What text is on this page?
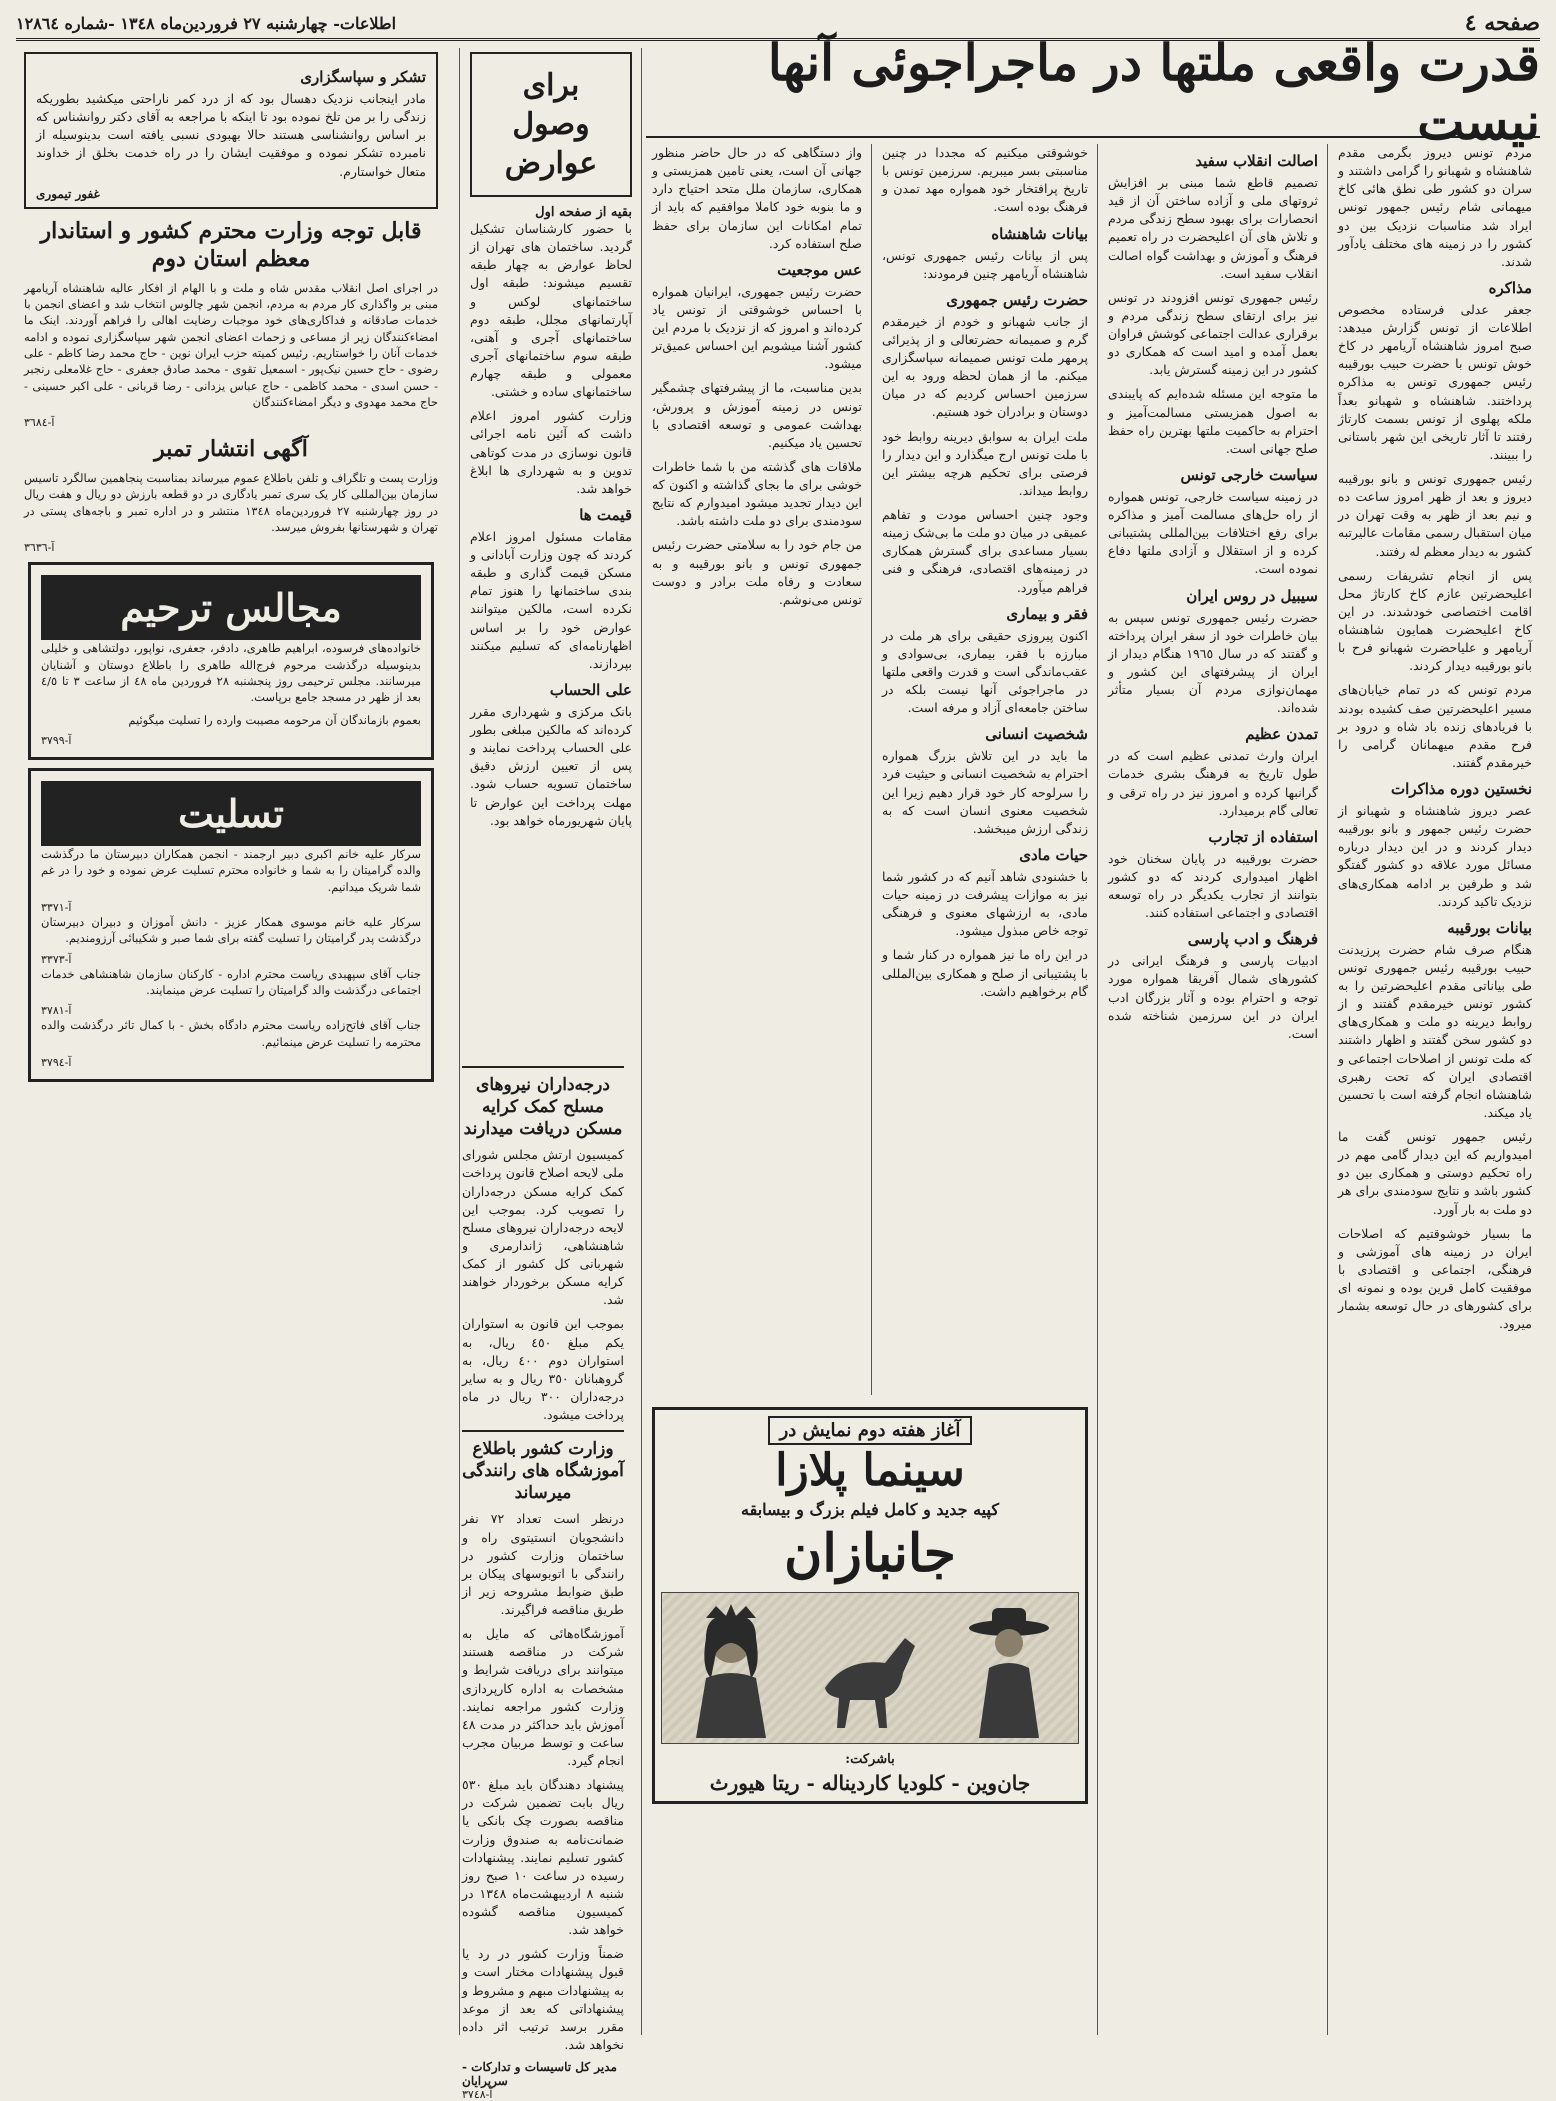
صفحه ٤
اطلاعات- چهارشنبه ٢٧ فروردین‌ماه ١٣٤٨ -شماره ١٢٨٦٤
قدرت واقعی ملتها در ماجراجوئی آنها نیست
مردم تونس دیروز بگرمی مقدم شاهنشاه و شهبانو را گرامی داشتند و سران دو کشور طی نطق هائی کاخ میهمانی شام رئیس جمهور تونس ایراد شد مناسبات نزدیک بین دو کشور را در زمینه های مختلف یادآور شدند.
مذاکره
جعفر عدلی فرستاده مخصوص اطلاعات از تونس گزارش میدهد: صبح امروز شاهنشاه آریامهر در کاخ خوش‌ تونس با حضرت حبیب بورقیبه رئیس جمهوری تونس به مذاکره پرداختند. شاهنشاه و شهبانو بعداً ملکه پهلوی از تونس بسمت کارتاژ رفتند تا آثار تاریخی این شهر باستانی را ببینند.
رئیس جمهوری تونس و بانو بورقیبه دیروز و بعد از ظهر امروز ساعت ده و نیم بعد از ظهر به وقت تهران در میان استقبال رسمی مقامات عالیرتبه کشور به دیدار معظم له رفتند.
پس از انجام تشریفات رسمی اعلیحضرتین عازم کاخ کارتاژ محل اقامت اختصاصی خودشدند. در این کاخ اعلیحضرت همایون شاهنشاه آریامهر و علیاحضرت شهبانو فرح با بانو بورقیبه دیدار کردند.
مردم تونس که در تمام خیابان‌های مسیر اعلیحضرتین صف کشیده بودند با فریادهای زنده باد شاه و درود بر فرح مقدم میهمانان گرامی را خیرمقدم گفتند.
نخستین دوره مذاکرات
عصر دیروز شاهنشاه و شهبانو از حضرت رئیس جمهور و بانو بورقیبه دیدار کردند و در این دیدار درباره مسائل مورد علاقه دو کشور گفتگو شد و طرفین بر ادامه همکاری‌های نزدیک تاکید کردند.
بیانات بورقیبه
هنگام صرف شام حضرت پرزیدنت حبیب بورقیبه رئیس جمهوری تونس طی بیاناتی مقدم اعلیحضرتین را به کشور تونس خیرمقدم گفتند و از روابط دیرینه دو ملت و همکاری‌های دو کشور سخن گفتند و اظهار داشتند که ملت تونس از اصلاحات اجتماعی و اقتصادی ایران که تحت رهبری شاهنشاه انجام گرفته است با تحسین یاد میکند.
رئیس جمهور تونس گفت ما امیدواریم که این دیدار گامی مهم در راه تحکیم دوستی و همکاری بین دو کشور باشد و نتایج سودمندی برای هر دو ملت به بار آورد.
ما بسیار خوشوقتیم که اصلاحات ایران در زمینه های آموزشی و فرهنگی، اجتماعی و اقتصادی با موفقیت کامل قرین بوده و نمونه ای برای کشورهای در حال توسعه بشمار میرود.
اصالت انقلاب سفید
تصمیم قاطع شما مبنی بر افزایش ثروتهای ملی و آزاده ساختن آن از قید انحصارات برای بهبود سطح زندگی مردم و تلاش های آن اعلیحضرت در راه تعمیم فرهنگ و آموزش و بهداشت گواه اصالت انقلاب سفید است.
رئیس جمهوری تونس افزودند در تونس نیز برای ارتقای سطح زندگی مردم و برقراری عدالت اجتماعی کوشش فراوان بعمل آمده و امید است که همکاری دو کشور در این زمینه گسترش یابد.
ما متوجه این مسئله شده‌ایم که پایبندی به اصول همزیستی مسالمت‌آمیز و احترام به حاکمیت ملتها بهترین راه حفظ صلح جهانی است.
سیاست خارجی تونس
در زمینه سیاست خارجی، تونس همواره از راه حل‌های مسالمت آمیز و مذاکره برای رفع اختلافات بین‌المللی پشتیبانی کرده و از استقلال و آزادی ملتها دفاع نموده است.
سیبیل در روس ایران
حضرت رئیس جمهوری تونس سپس به بیان خاطرات خود از سفر ایران پرداخته و گفتند که در سال ١٩٦٥ هنگام دیدار از ایران از پیشرفتهای این کشور و مهمان‌نوازی مردم آن بسیار متأثر شده‌اند.
تمدن عظیم
ایران وارث تمدنی عظیم است که در طول تاریخ به فرهنگ بشری خدمات گرانبها کرده و امروز نیز در راه ترقی و تعالی گام برمیدارد.
استفاده از تجارب
حضرت بورقیبه در پایان سخنان خود اظهار امیدواری کردند که دو کشور بتوانند از تجارب یکدیگر در راه توسعه اقتصادی و اجتماعی استفاده کنند.
فرهنگ و ادب پارسی
ادبیات پارسی و فرهنگ ایرانی در کشورهای شمال آفریقا همواره مورد توجه و احترام بوده و آثار بزرگان ادب ایران در این سرزمین شناخته شده است.
خوشوقتی میکنیم که مجددا در چنین مناسبتی بسر میبریم. سرزمین تونس با تاریخ پرافتخار خود همواره مهد تمدن و فرهنگ بوده است.
بیانات شاهنشاه
پس از بیانات رئیس جمهوری تونس، شاهنشاه آریامهر چنین فرمودند:
حضرت رئیس جمهوری
از جانب شهبانو و خودم از خیرمقدم گرم و صمیمانه حضرتعالی و از پذیرائی پرمهر ملت تونس صمیمانه سپاسگزاری میکنم. ما از همان لحظه ورود به این سرزمین احساس کردیم که در میان دوستان و برادران خود هستیم.
ملت ایران به سوابق دیرینه روابط خود با ملت تونس ارج میگذارد و این دیدار را فرصتی برای تحکیم هرچه بیشتر این روابط میداند.
وجود چنین احساس مودت و تفاهم عمیقی در میان دو ملت ما بی‌شک زمینه بسیار مساعدی برای گسترش همکاری در زمینه‌های اقتصادی، فرهنگی و فنی فراهم میآورد.
فقر و بیماری
اکنون پیروزی حقیقی برای هر ملت در مبارزه با فقر، بیماری، بی‌سوادی و عقب‌ماندگی است و قدرت واقعی ملتها در ماجراجوئی آنها نیست بلکه در ساختن جامعه‌ای آزاد و مرفه است.
شخصیت انسانی
ما باید در این تلاش بزرگ همواره احترام به شخصیت انسانی و حیثیت فرد را سرلوحه کار خود قرار دهیم زیرا این شخصیت معنوی انسان است که به زندگی ارزش میبخشد.
حیات مادی
با خشنودی شاهد آنیم که در کشور شما نیز به موازات پیشرفت در زمینه حیات مادی، به ارزشهای معنوی و فرهنگی توجه خاص مبذول میشود.
در این راه ما نیز همواره در کنار شما و با پشتیبانی از صلح و همکاری بین‌المللی گام برخواهیم داشت.
واز دستگاهی که در حال حاضر منظور جهانی آن است، یعنی تامین همزیستی و همکاری، سازمان ملل متحد احتیاج دارد و ما بنوبه خود کاملا موافقیم که باید از تمام امکانات این سازمان برای حفظ صلح استفاده کرد.
عس موجعیت
حضرت رئیس جمهوری، ایرانیان همواره با احساس خوشوقتی از تونس یاد کرده‌اند و امروز که از نزدیک با مردم این کشور آشنا میشویم این احساس عمیق‌تر میشود.
بدین مناسبت، ما از پیشرفتهای چشمگیر تونس در زمینه آموزش و پرورش، بهداشت عمومی و توسعه اقتصادی با تحسین یاد میکنیم.
ملاقات های گذشته من با شما خاطرات خوشی برای ما بجای گذاشته و اکنون که این دیدار تجدید میشود امیدوارم که نتایج سودمندی برای دو ملت داشته باشد.
من جام خود را به سلامتی حضرت رئیس جمهوری تونس و بانو بورقیبه و به سعادت و رفاه ملت برادر و دوست تونس می‌نوشم.
آغاز هفته دوم نمایش در
سینما پلازا
کپیه جدید و کامل فیلم بزرگ و بیسابقه
جانبازان
باشرکت:
جان‌وین - کلودیا کاردیناله - ریتا هیورث
برای وصول عوارض
بقیه از صفحه اول
با حضور کارشناسان تشکیل گردید. ساختمان های تهران از لحاظ عوارض به چهار طبقه تقسیم میشوند: طبقه اول ساختمانهای لوکس و آپارتمانهای مجلل، طبقه دوم ساختمانهای آجری و آهنی، طبقه سوم ساختمانهای آجری معمولی و طبقه چهارم ساختمانهای ساده و خشتی.
وزارت کشور امروز اعلام داشت که آئین نامه اجرائی قانون نوسازی در مدت کوتاهی تدوین و به شهرداری ها ابلاغ خواهد شد.
قیمت ها
مقامات مسئول امروز اعلام کردند که چون وزارت آبادانی و مسکن قیمت گذاری و طبقه بندی ساختمانها را هنوز تمام نکرده است، مالکین میتوانند عوارض خود را بر اساس اظهارنامه‌ای که تسلیم میکنند بپردازند.
علی الحساب
بانک مرکزی و شهرداری مقرر کرده‌اند که مالکین مبلغی بطور علی الحساب پرداخت نمایند و پس از تعیین ارزش دقیق ساختمان تسویه حساب شود. مهلت پرداخت این عوارض تا پایان شهریورماه خواهد بود.
تشکر و سپاسگزاری
مادر اینجانب نزدیک دهسال بود که از درد کمر ناراحتی میکشید بطوریکه زندگی را بر من تلخ نموده بود تا اینکه با مراجعه به آقای دکتر روانشناس که بر اساس روانشناسی هستند حالا بهبودی نسبی یافته است بدینوسیله از نامبرده تشکر نموده و موفقیت ایشان را در راه خدمت بخلق از خداوند متعال خواستارم.
غفور تیموری
قابل توجه وزارت محترم کشور و استاندار معظم استان دوم
در اجرای اصل انقلاب مقدس شاه و ملت و با الهام از افکار عالیه شاهنشاه آریامهر مبنی بر واگذاری کار مردم به مردم، انجمن شهر چالوس انتخاب شد و اعضای انجمن با خدمات صادقانه و فداکاری‌های خود موجبات رضایت اهالی را فراهم آوردند. اینک ما امضاءکنندگان زیر از مساعی و زحمات اعضای انجمن شهر سپاسگزاری نموده و ادامه خدمات آنان را خواستاریم. رئیس کمیته حزب ایران نوین - حاج محمد رضا کاظم - علی رضوی - حاج حسین نیک‌پور - اسمعیل تقوی - محمد صادق جعفری - حاج غلامعلی رنجبر - حسن اسدی - محمد کاظمی - حاج عباس یزدانی - رضا قربانی - علی اکبر حسینی - حاج محمد مهدوی و دیگر امضاءکنندگان
آ-٣٦٨٤
آگهی انتشار تمبر
وزارت پست و تلگراف و تلفن باطلاع عموم میرساند بمناسبت پنجاهمین سالگرد تاسیس سازمان بین‌المللی کار یک سری تمبر یادگاری در دو قطعه بارزش دو ریال و هفت ریال در روز چهارشنبه ٢٧ فروردین‌ماه ١٣٤٨ منتشر و در اداره تمبر و باجه‌های پستی در تهران و شهرستانها بفروش میرسد.
آ-٣٦٣٦
مجالس ترحیم
خانواده‌های فرسوده، ابراهیم طاهری، دادفر، جعفری، نواپور، دولتشاهی و خلیلی بدینوسیله درگذشت مرحوم فرج‌الله طاهری را باطلاع دوستان و آشنایان میرسانند. مجلس ترحیمی روز پنجشنبه ٢٨ فروردین ماه ٤٨ از ساعت ٣ تا ٤/٥ بعد از ظهر در مسجد جامع برپاست.
بعموم بازماندگان آن مرحومه مصیبت وارده را تسلیت میگوئیم
آ-٣٧٩٩
تسلیت
سرکار علیه خانم اکبری دبیر ارجمند - انجمن همکاران دبیرستان ما درگذشت والده گرامیتان را به شما و خانواده محترم تسلیت عرض نموده و خود را در غم شما شریک میدانیم.
آ-٣٣٧١
سرکار علیه خانم موسوی همکار عزیز - دانش آموزان و دبیران دبیرستان درگذشت پدر گرامیتان را تسلیت گفته برای شما صبر و شکیبائی آرزومندیم.
آ-٣٣٧٣
جناب آقای سپهبدی ریاست محترم اداره - کارکنان سازمان شاهنشاهی خدمات اجتماعی درگذشت والد گرامیتان را تسلیت عرض مینمایند.
آ-٣٧٨١
جناب آقای فاتح‌زاده ریاست محترم دادگاه بخش - با کمال تاثر درگذشت والده محترمه را تسلیت عرض مینمائیم.
آ-٣٧٩٤
درجه‌داران نیروهای مسلح کمک کرایه مسکن دریافت میدارند
کمیسیون ارتش مجلس شورای ملی لایحه اصلاح قانون پرداخت کمک کرایه مسکن درجه‌داران را تصویب کرد. بموجب این لایحه درجه‌داران نیروهای مسلح شاهنشاهی، ژاندارمری و شهربانی کل کشور از کمک کرایه مسکن برخوردار خواهند شد.
بموجب این قانون به استواران یکم مبلغ ٤٥٠ ریال، به استواران دوم ٤٠٠ ریال، به گروهبانان ٣٥٠ ریال و به سایر درجه‌داران ٣٠٠ ریال در ماه پرداخت میشود.
وزارت کشور باطلاع آموزشگاه های رانندگی میرساند
درنظر است تعداد ٧٢ نفر دانشجویان انستیتوی راه و ساختمان وزارت کشور در رانندگی با اتوبوسهای پیکان بر طبق ضوابط مشروحه زیر از طریق مناقصه فراگیرند.
آموزشگاه‌هائی که مایل به شرکت در مناقصه هستند میتوانند برای دریافت شرایط و مشخصات به اداره کارپردازی وزارت کشور مراجعه نمایند. آموزش باید حداکثر در مدت ٤٨ ساعت و توسط مربیان مجرب انجام گیرد.
پیشنهاد دهندگان باید مبلغ ٥٣٠ ریال بابت تضمین شرکت در مناقصه بصورت چک بانکی یا ضمانت‌نامه به صندوق وزارت کشور تسلیم نمایند. پیشنهادات رسیده در ساعت ١٠ صبح روز شنبه ٨ اردیبهشت‌ماه ١٣٤٨ در کمیسیون مناقصه گشوده خواهد شد.
ضمناً وزارت کشور در رد یا قبول پیشنهادات مختار است و به پیشنهادات مبهم و مشروط و پیشنهاداتی که بعد از موعد مقرر برسد ترتیب اثر داده نخواهد شد.
مدیر کل تاسیسات و تدارکات - سرپرایان
آ-٣٧٤٨
